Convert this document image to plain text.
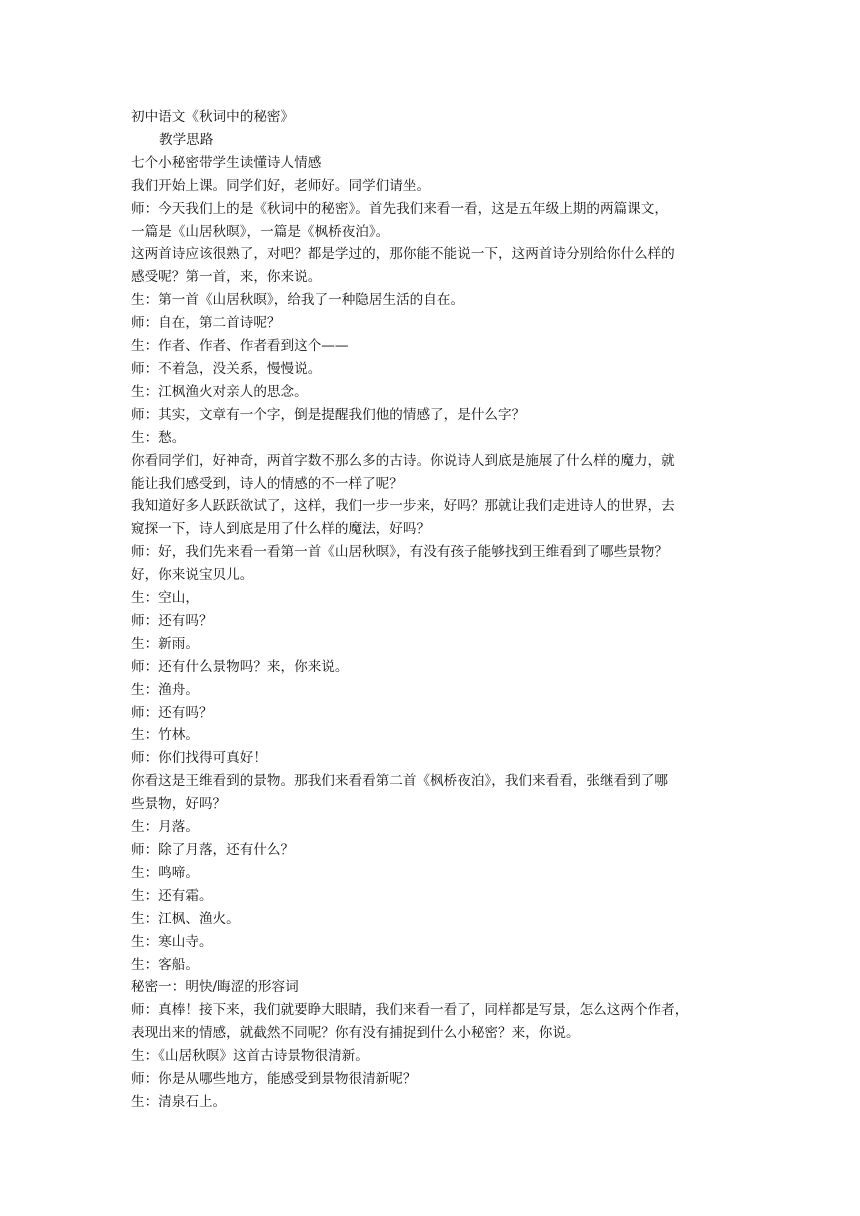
初中语文《秋词中的秘密》
教学思路
七个小秘密带学生读懂诗人情感
我们开始上课。同学们好，老师好。同学们请坐。
师：今天我们上的是《秋词中的秘密》。首先我们来看一看，这是五年级上期的两篇课文，
一篇是《山居秋暝》，一篇是《枫桥夜泊》。
这两首诗应该很熟了，对吧？都是学过的，那你能不能说一下，这两首诗分别给你什么样的
感受呢？第一首，来，你来说。
生：第一首《山居秋暝》，给我了一种隐居生活的自在。
师：自在，第二首诗呢？
生：作者、作者、作者看到这个——
师：不着急，没关系，慢慢说。
生：江枫渔火对亲人的思念。
师：其实，文章有一个字，倒是提醒我们他的情感了，是什么字？
生：愁。
你看同学们，好神奇，两首字数不那么多的古诗。你说诗人到底是施展了什么样的魔力，就
能让我们感受到，诗人的情感的不一样了呢？
我知道好多人跃跃欲试了，这样，我们一步一步来，好吗？那就让我们走进诗人的世界，去
窥探一下，诗人到底是用了什么样的魔法，好吗？
师：好，我们先来看一看第一首《山居秋暝》，有没有孩子能够找到王维看到了哪些景物？
好，你来说宝贝儿。
生：空山，
师：还有吗？
生：新雨。
师：还有什么景物吗？来，你来说。
生：渔舟。
师：还有吗？
生：竹林。
师：你们找得可真好！
你看这是王维看到的景物。那我们来看看第二首《枫桥夜泊》，我们来看看，张继看到了哪
些景物，好吗？
生：月落。
师：除了月落，还有什么？
生：鸣啼。
生：还有霜。
生：江枫、渔火。
生：寒山寺。
生：客船。
秘密一：明快/晦涩的形容词
师：真棒！接下来，我们就要睁大眼睛，我们来看一看了，同样都是写景，怎么这两个作者，
表现出来的情感，就截然不同呢？你有没有捕捉到什么小秘密？来，你说。
生：《山居秋暝》这首古诗景物很清新。
师：你是从哪些地方，能感受到景物很清新呢？
生：清泉石上。
